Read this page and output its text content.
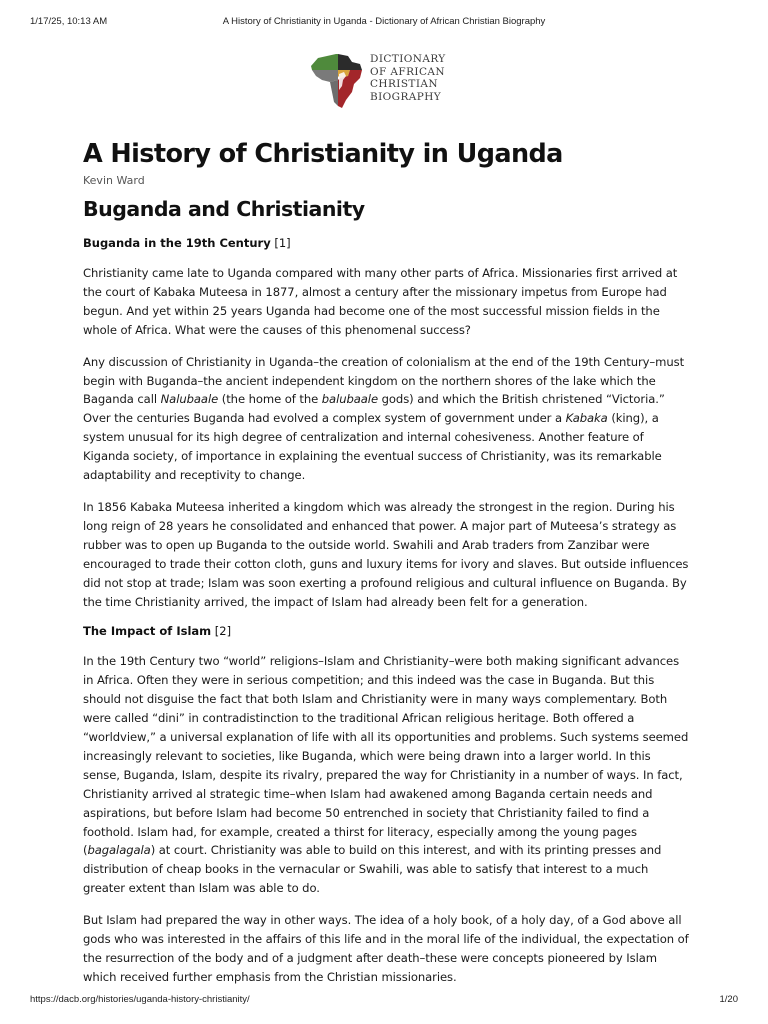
1/17/25, 10:13 AM	A History of Christianity in Uganda - Dictionary of African Christian Biography
DICTIONARY
OF AFRICAN
CHRISTIAN
BIOGRAPHY
A History of Christianity in Uganda
Kevin Ward
Buganda and Christianity
Buganda in the 19th Century [1]

Christianity came late to Uganda compared with many other parts of Africa. Missionaries first arrived at the court of Kabaka Muteesa in 1877, almost a century after the missionary impetus from Europe had begun. And yet within 25 years Uganda had become one of the most successful mission fields in the whole of Africa. What were the causes of this phenomenal success?

Any discussion of Christianity in Uganda–the creation of colonialism at the end of the 19th Century–must begin with Buganda–the ancient independent kingdom on the northern shores of the lake which the Baganda call Nalubaale (the home of the balubaale gods) and which the British christened “Victoria.” Over the centuries Buganda had evolved a complex system of government under a Kabaka (king), a system unusual for its high degree of centralization and internal cohesiveness. Another feature of Kiganda society, of importance in explaining the eventual success of Christianity, was its remarkable adaptability and receptivity to change.

In 1856 Kabaka Muteesa inherited a kingdom which was already the strongest in the region. During his long reign of 28 years he consolidated and enhanced that power. A major part of Muteesa’s strategy as rubber was to open up Buganda to the outside world. Swahili and Arab traders from Zanzibar were encouraged to trade their cotton cloth, guns and luxury items for ivory and slaves. But outside influences did not stop at trade; Islam was soon exerting a profound religious and cultural influence on Buganda. By the time Christianity arrived, the impact of Islam had already been felt for a generation.

The Impact of Islam [2]

In the 19th Century two “world” religions–Islam and Christianity–were both making significant advances in Africa. Often they were in serious competition; and this indeed was the case in Buganda. But this should not disguise the fact that both Islam and Christianity were in many ways complementary. Both were called “dini” in contradistinction to the traditional African religious heritage. Both offered a “worldview,” a universal explanation of life with all its opportunities and problems. Such systems seemed increasingly relevant to societies, like Buganda, which were being drawn into a larger world. In this sense, Buganda, Islam, despite its rivalry, prepared the way for Christianity in a number of ways. In fact, Christianity arrived al strategic time–when Islam had awakened among Baganda certain needs and aspirations, but before Islam had become 50 entrenched in society that Christianity failed to find a foothold. Islam had, for example, created a thirst for literacy, especially among the young pages (bagalagala) at court. Christianity was able to build on this interest, and with its printing presses and distribution of cheap books in the vernacular or Swahili, was able to satisfy that interest to a much greater extent than Islam was able to do.

But Islam had prepared the way in other ways. The idea of a holy book, of a holy day, of a God above all gods who was interested in the affairs of this life and in the moral life of the individual, the expectation of the resurrection of the body and of a judgment after death–these were concepts pioneered by Islam which received further emphasis from the Christian missionaries.

https://dacb.org/histories/uganda-history-christianity/	1/20
